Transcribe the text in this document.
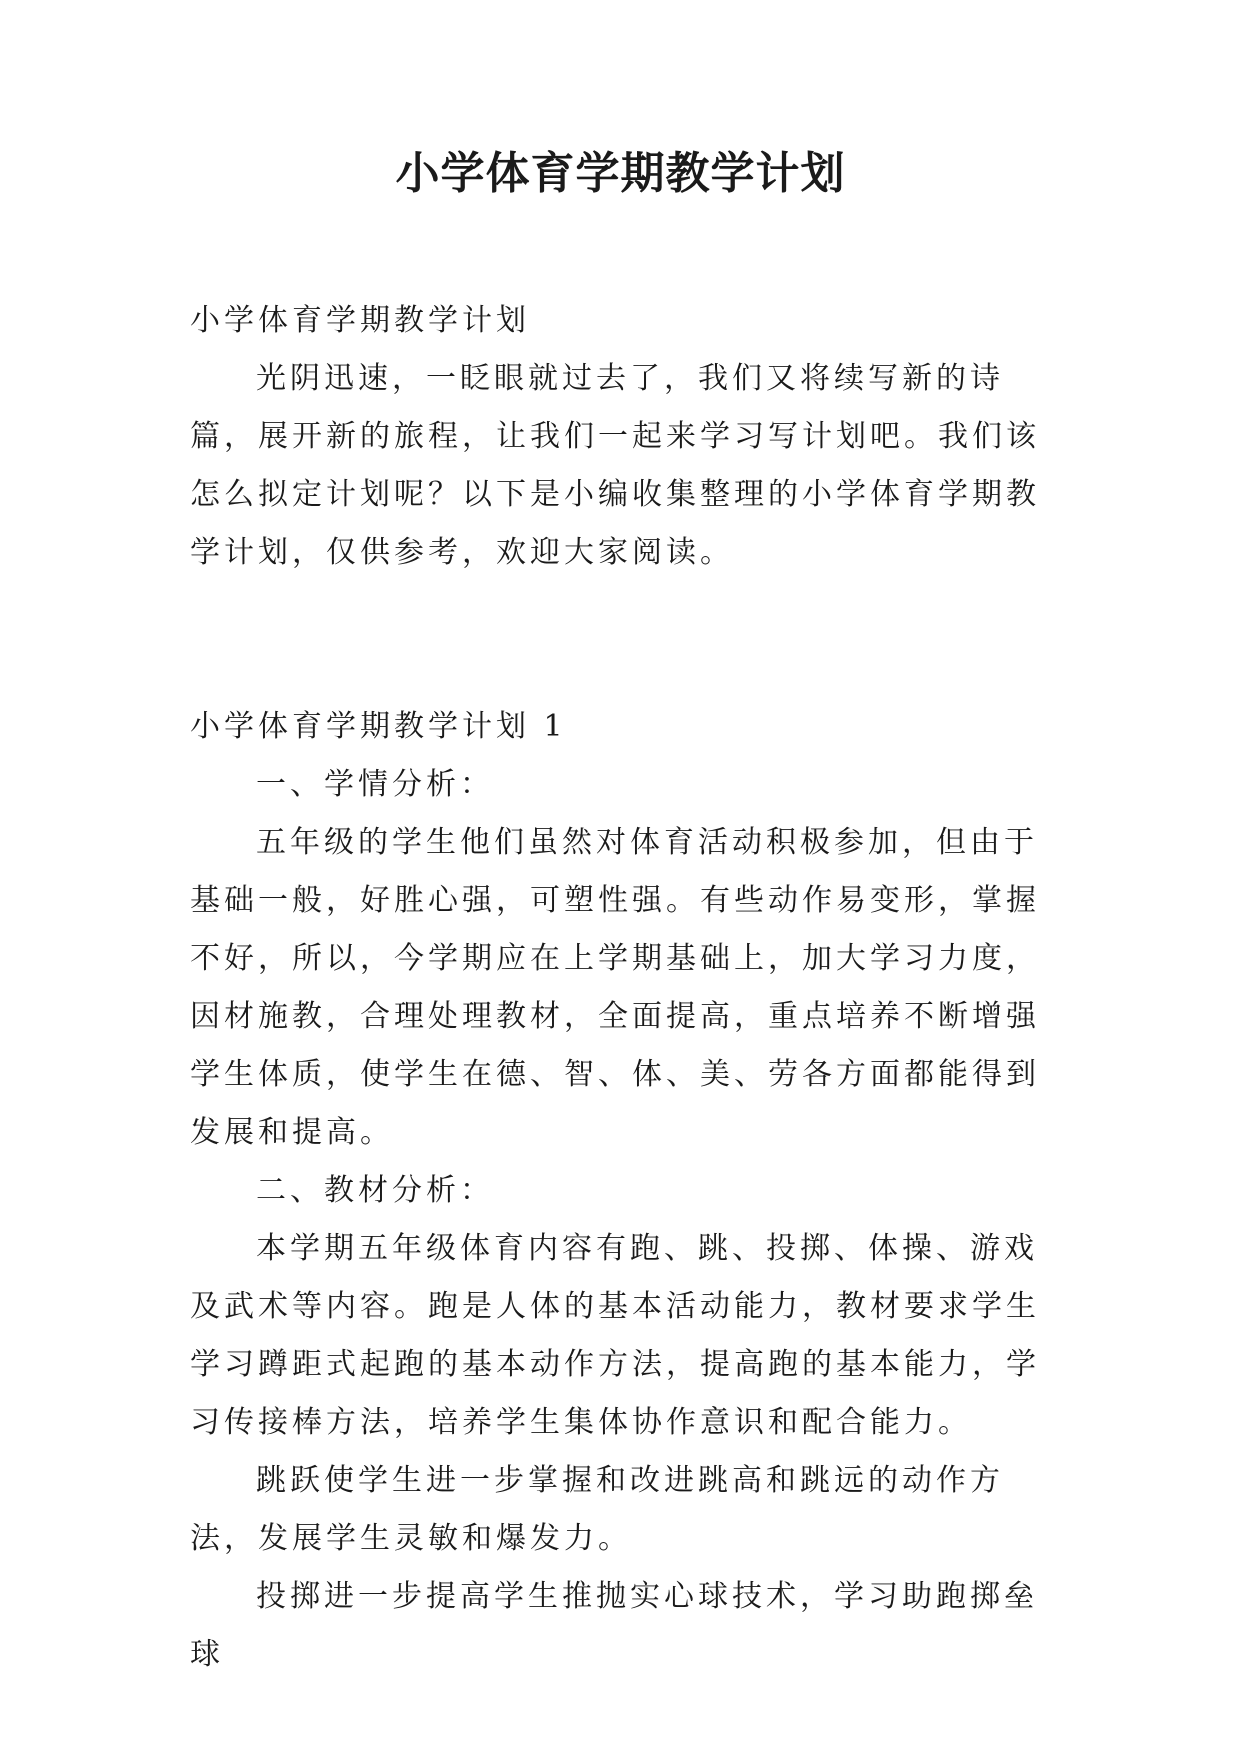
小学体育学期教学计划

小学体育学期教学计划

光阴迅速，一眨眼就过去了，我们又将续写新的诗篇，展开新的旅程，让我们一起来学习写计划吧。我们该怎么拟定计划呢？以下是小编收集整理的小学体育学期教学计划，仅供参考，欢迎大家阅读。

小学体育学期教学计划 1

一、学情分析：

五年级的学生他们虽然对体育活动积极参加，但由于基础一般，好胜心强，可塑性强。有些动作易变形，掌握不好，所以，今学期应在上学期基础上，加大学习力度，因材施教，合理处理教材，全面提高，重点培养不断增强学生体质，使学生在德、智、体、美、劳各方面都能得到发展和提高。

二、教材分析：

本学期五年级体育内容有跑、跳、投掷、体操、游戏及武术等内容。跑是人体的基本活动能力，教材要求学生学习蹲距式起跑的基本动作方法，提高跑的基本能力，学习传接棒方法，培养学生集体协作意识和配合能力。

跳跃使学生进一步掌握和改进跳高和跳远的动作方法，发展学生灵敏和爆发力。

投掷进一步提高学生推抛实心球技术，学习助跑掷垒球
